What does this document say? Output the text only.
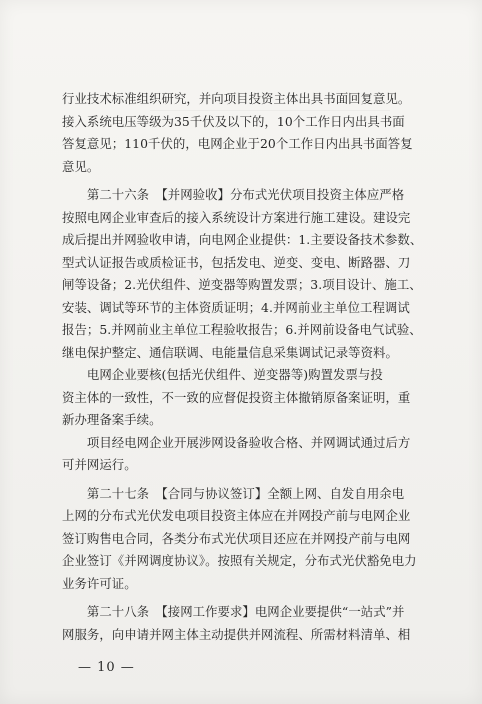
行业技术标准组织研究，并向项目投资主体出具书面回复意见。
接入系统电压等级为35千伏及以下的，10个工作日内出具书面
答复意见；110千伏的，电网企业于20个工作日内出具书面答复
意见。
　　第二十六条　【并网验收】分布式光伏项目投资主体应严格
按照电网企业审查后的接入系统设计方案进行施工建设。建设完
成后提出并网验收申请，向电网企业提供：1.主要设备技术参数、
型式认证报告或质检证书，包括发电、逆变、变电、断路器、刀
闸等设备；2.光伏组件、逆变器等购置发票；3.项目设计、施工、
安装、调试等环节的主体资质证明；4.并网前业主单位工程调试
报告；5.并网前业主单位工程验收报告；6.并网前设备电气试验、
继电保护整定、通信联调、电能量信息采集调试记录等资料。
　　电网企业要核(包括光伏组件、逆变器等)购置发票与投
资主体的一致性，不一致的应督促投资主体撤销原备案证明，重
新办理备案手续。
　　项目经电网企业开展涉网设备验收合格、并网调试通过后方
可并网运行。
　　第二十七条　【合同与协议签订】全额上网、自发自用余电
上网的分布式光伏发电项目投资主体应在并网投产前与电网企业
签订购售电合同，各类分布式光伏项目还应在并网投产前与电网
企业签订《并网调度协议》。按照有关规定，分布式光伏豁免电力
业务许可证。
　　第二十八条　【接网工作要求】电网企业要提供“一站式”并
网服务，向申请并网主体主动提供并网流程、所需材料清单、相
— 10 —
